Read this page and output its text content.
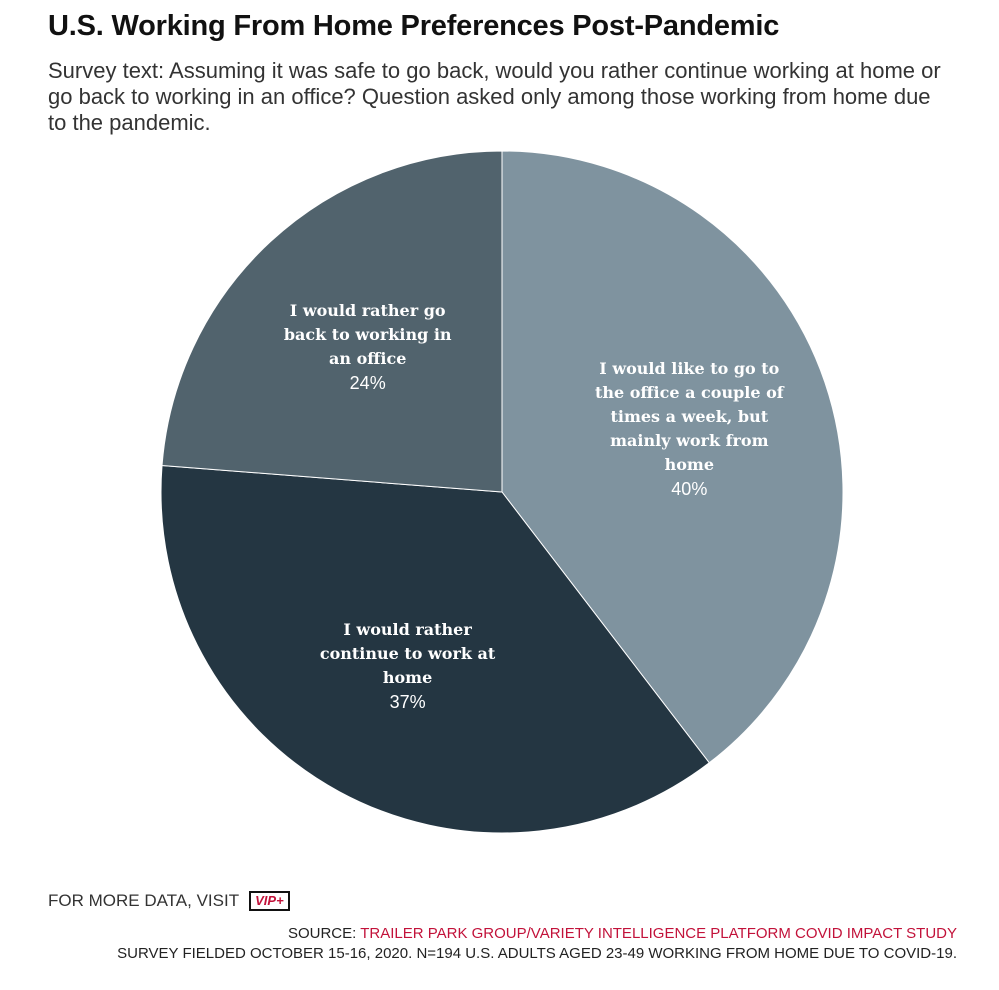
U.S. Working From Home Preferences Post-Pandemic
Survey text: Assuming it was safe to go back, would you rather continue working at home or go back to working in an office? Question asked only among those working from home due to the pandemic.
I would like to go to the office a couple of times a week, but mainly work from home
40%
I would rather continue to work at home
37%
I would rather go back to working in an office
24%
FOR MORE DATA, VISIT	VIP+
SOURCE: TRAILER PARK GROUP/VARIETY INTELLIGENCE PLATFORM COVID IMPACT STUDY
SURVEY FIELDED OCTOBER 15-16, 2020. N=194 U.S. ADULTS AGED 23-49 WORKING FROM HOME DUE TO COVID-19.
